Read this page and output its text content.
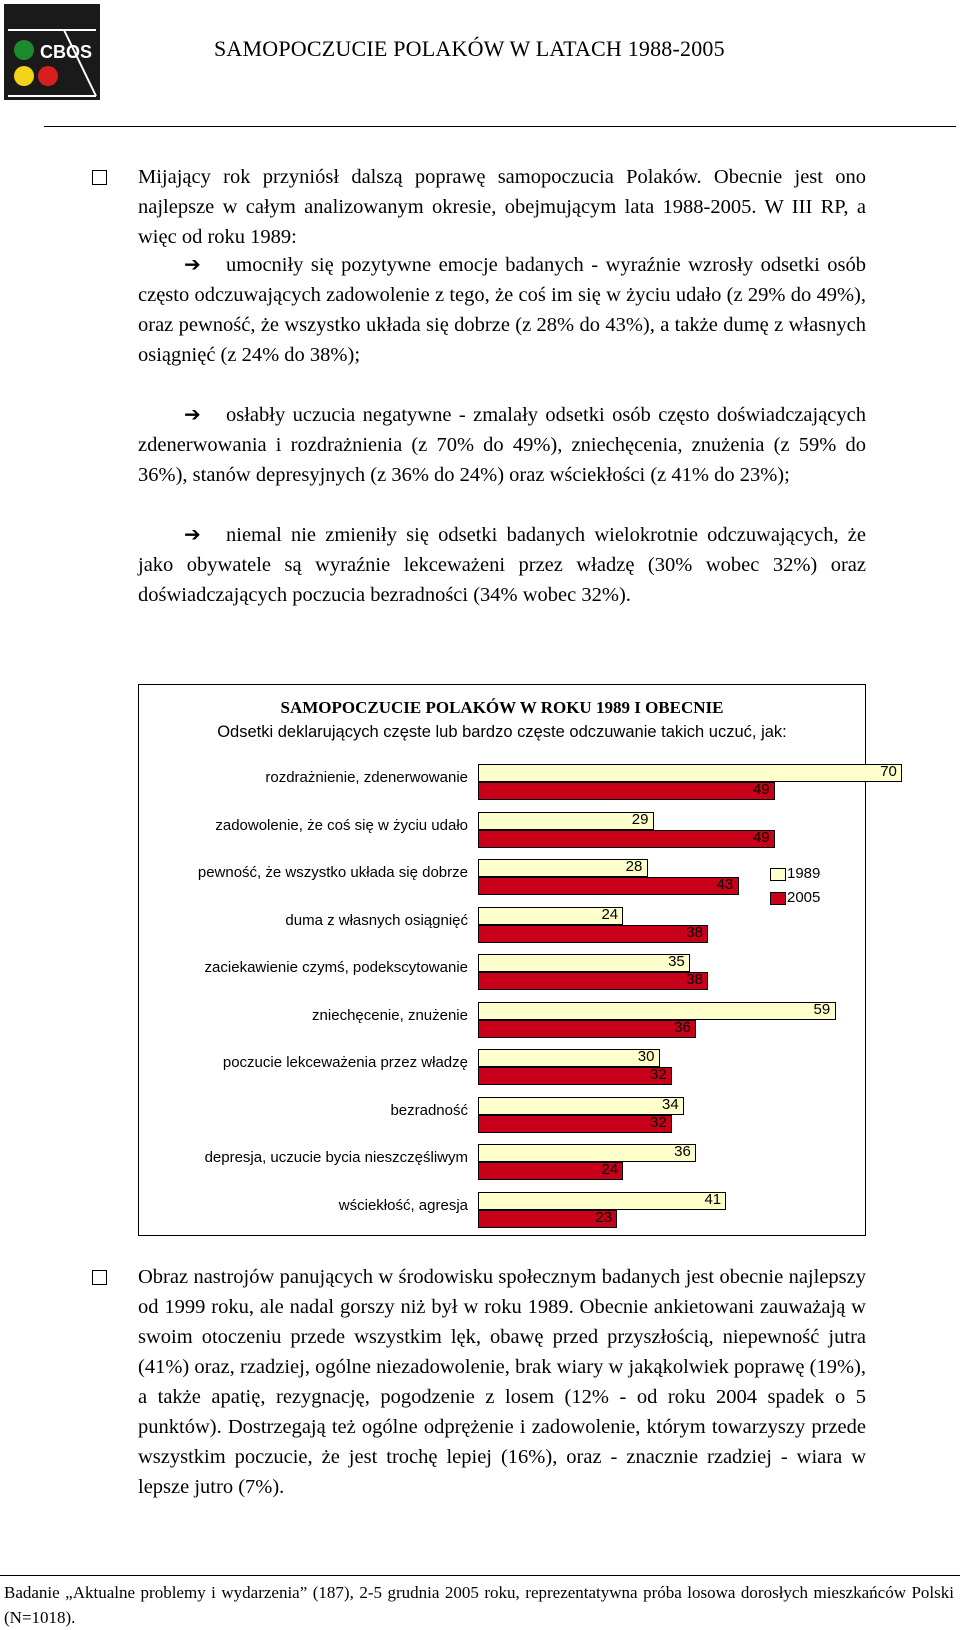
CBOS	SAMOPOCZUCIE POLAKÓW W LATACH 1988-2005
Mijający rok przyniósł dalszą poprawę samopoczucia Polaków. Obecnie jest ono najlepsze w całym analizowanym okresie, obejmującym lata 1988-2005. W III RP, a więc od roku 1989:
➔	umocniły się pozytywne emocje badanych - wyraźnie wzrosły odsetki osób często odczuwających zadowolenie z tego, że coś im się w życiu udało (z 29% do 49%), oraz pewność, że wszystko układa się dobrze (z 28% do 43%), a także dumę z własnych osiągnięć (z 24% do 38%);
➔	osłabły uczucia negatywne - zmalały odsetki osób często doświadczających zdenerwowania i rozdrażnienia (z 70% do 49%), zniechęcenia, znużenia (z 59% do 36%), stanów depresyjnych (z 36% do 24%) oraz wściekłości (z 41% do 23%);
➔	niemal nie zmieniły się odsetki badanych wielokrotnie odczuwających, że jako obywatele są wyraźnie lekceważeni przez władzę (30% wobec 32%) oraz doświadczających poczucia bezradności (34% wobec 32%).
SAMOPOCZUCIE POLAKÓW W ROKU 1989 I OBECNIE
Odsetki deklarujących częste lub bardzo częste odczuwanie takich uczuć, jak:
rozdrażnienie, zdenerwowanie	70
49
zadowolenie, że coś się w życiu udało	29
49
pewność, że wszystko układa się dobrze	28
43
duma z własnych osiągnięć	24
38
zaciekawienie czymś, podekscytowanie	35
38
zniechęcenie, znużenie	59
36
poczucie lekceważenia przez władzę	30
32
bezradność	34
32
depresja, uczucie bycia nieszczęśliwym	36
24
wściekłość, agresja	41
23
1989
2005
Obraz nastrojów panujących w środowisku społecznym badanych jest obecnie najlepszy od 1999 roku, ale nadal gorszy niż był w roku 1989. Obecnie ankietowani zauważają w swoim otoczeniu przede wszystkim lęk, obawę przed przyszłością, niepewność jutra (41%) oraz, rzadziej, ogólne niezadowolenie, brak wiary w jakąkolwiek poprawę (19%), a także apatię, rezygnację, pogodzenie z losem (12% - od roku 2004 spadek o 5 punktów). Dostrzegają też ogólne odprężenie i zadowolenie, którym towarzyszy przede wszystkim poczucie, że jest trochę lepiej (16%), oraz - znacznie rzadziej - wiara w lepsze jutro (7%).
Badanie „Aktualne problemy i wydarzenia” (187), 2-5 grudnia 2005 roku, reprezentatywna próba losowa dorosłych mieszkańców Polski (N=1018).
